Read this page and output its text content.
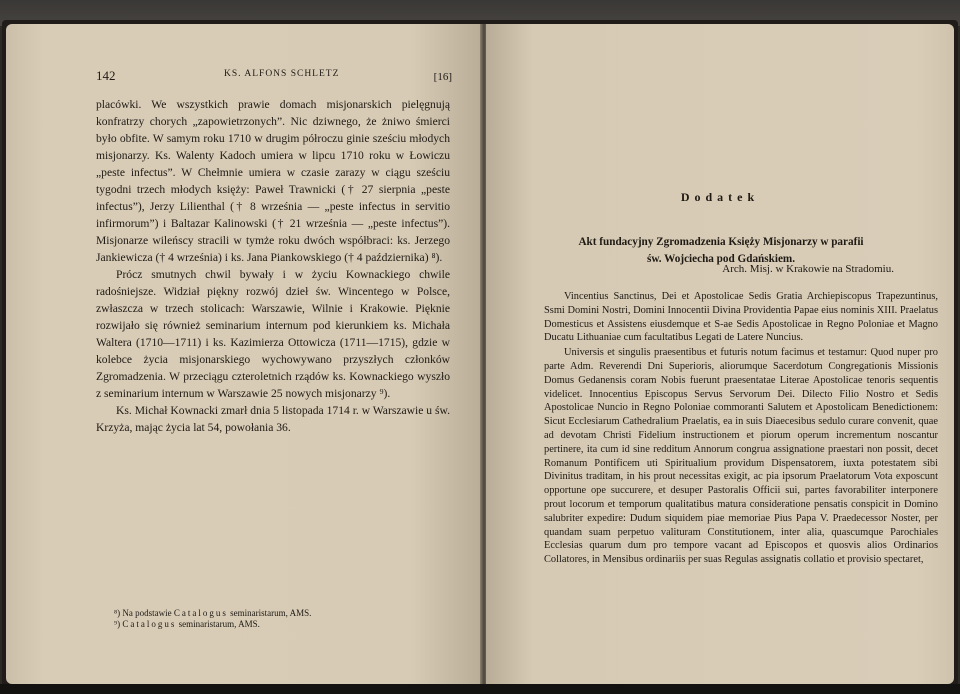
142	KS. ALFONS SCHLETZ	[16]

placówki. We wszystkich prawie domach misjonarskich pielęgnują konfratrzy chorych „zapowietrzonych”. Nic dziwnego, że żniwo śmierci było obfite. W samym roku 1710 w drugim półroczu ginie sześciu młodych misjonarzy. Ks. Walenty Kadoch umiera w lipcu 1710 roku w Łowiczu „peste infectus”. W Chełmnie umiera w czasie zarazy w ciągu sześciu tygodni trzech młodych księży: Paweł Trawnicki († 27 sierpnia „peste infectus”), Jerzy Lilienthal († 8 września — „peste infectus in servitio infirmorum”) i Baltazar Kalinowski († 21 września — „peste infectus”). Misjonarze wileńscy stracili w tymże roku dwóch współbraci: ks. Jerzego Jankiewicza († 4 września) i ks. Jana Piankowskiego († 4 października) ⁸).

Prócz smutnych chwil bywały i w życiu Kownackiego chwile radośniejsze. Widział piękny rozwój dzieł św. Wincentego w Polsce, zwłaszcza w trzech stolicach: Warszawie, Wilnie i Krakowie. Pięknie rozwijało się również seminarium internum pod kierunkiem ks. Michała Waltera (1710—1711) i ks. Kazimierza Ottowicza (1711—1715), gdzie w kolebce życia misjonarskiego wychowywano przyszłych członków Zgromadzenia. W przeciągu czteroletnich rządów ks. Kownackiego wyszło z seminarium internum w Warszawie 25 nowych misjonarzy ⁹).

Ks. Michał Kownacki zmarł dnia 5 listopada 1714 r. w Warszawie u św. Krzyża, mając życia lat 54, powołania 36.

⁸) Na podstawie Catalogus seminaristarum, AMS.
⁹) Catalogus seminaristarum, AMS.
Dodatek
Akt fundacyjny Zgromadzenia Księży Misjonarzy w parafii
św. Wojciecha pod Gdańskiem.
Arch. Misj. w Krakowie na Stradomiu.

Vincentius Sanctinus, Dei et Apostolicae Sedis Gratia Archiepiscopus Trapezuntinus, Ssmi Domini Nostri, Domini Innocentii Divina Providentia Papae eius nominis XIII. Praelatus Domesticus et Assistens eiusdemque et S-ae Sedis Apostolicae in Regno Poloniae et Magno Ducatu Lithuaniae cum facultatibus Legati de Latere Nuncius.

Universis et singulis praesentibus et futuris notum facimus et testamur: Quod nuper pro parte Adm. Reverendi Dni Superioris, aliorumque Sacerdotum Congregationis Missionis Domus Gedanensis coram Nobis fuerunt praesentatae Literae Apostolicae tenoris sequentis videlicet. Innocentius Episcopus Servus Servorum Dei. Dilecto Filio Nostro et Sedis Apostolicae Nuncio in Regno Poloniae commoranti Salutem et Apostolicam Benedictionem: Sicut Ecclesiarum Cathedralium Praelatis, ea in suis Diaecesibus sedulo curare convenit, quae ad devotam Christi Fidelium instructionem et piorum operum incrementum noscantur pertinere, ita cum id sine redditum Annorum congrua assignatione praestari non possit, decet Romanum Pontificem uti Spiritualium providum Dispensatorem, iuxta potestatem sibi Divinitus traditam, in his prout necessitas exigit, ac pia ipsorum Praelatorum Vota exposcunt opportune ope succurere, et desuper Pastoralis Officii sui, partes favorabiliter interponere prout locorum et temporum qualitatibus matura consideratione pensatis conspicit in Domino salubriter expedire: Dudum siquidem piae memoriae Pius Papa V. Praedecessor Noster, per quandam suam perpetuo valituram Constitutionem, inter alia, quascumque Parochiales Ecclesias quarum dum pro tempore vacant ad Episcopos et quosvis alios Ordinarios Collatores, in Mensibus ordinariis per suas Regulas assignatis collatio et provisio spectaret,
